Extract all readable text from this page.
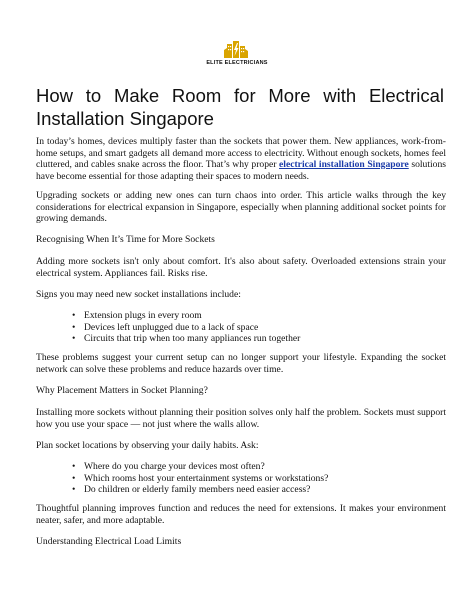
ELITE ELECTRICIANS
How to Make Room for More with Electrical Installation Singapore

In today’s homes, devices multiply faster than the sockets that power them. New appliances, work-from-home setups, and smart gadgets all demand more access to electricity. Without enough sockets, homes feel cluttered, and cables snake across the floor. That’s why proper electrical installation Singapore solutions have become essential for those adapting their spaces to modern needs.

Upgrading sockets or adding new ones can turn chaos into order. This article walks through the key considerations for electrical expansion in Singapore, especially when planning additional socket points for growing demands.

Recognising When It’s Time for More Sockets

Adding more sockets isn't only about comfort. It's also about safety. Overloaded extensions strain your electrical system. Appliances fail. Risks rise.

Signs you may need new socket installations include:

• Extension plugs in every room
• Devices left unplugged due to a lack of space
• Circuits that trip when too many appliances run together

These problems suggest your current setup can no longer support your lifestyle. Expanding the socket network can solve these problems and reduce hazards over time.

Why Placement Matters in Socket Planning?

Installing more sockets without planning their position solves only half the problem. Sockets must support how you use your space — not just where the walls allow.

Plan socket locations by observing your daily habits. Ask:

• Where do you charge your devices most often?
• Which rooms host your entertainment systems or workstations?
• Do children or elderly family members need easier access?

Thoughtful planning improves function and reduces the need for extensions. It makes your environment neater, safer, and more adaptable.

Understanding Electrical Load Limits
